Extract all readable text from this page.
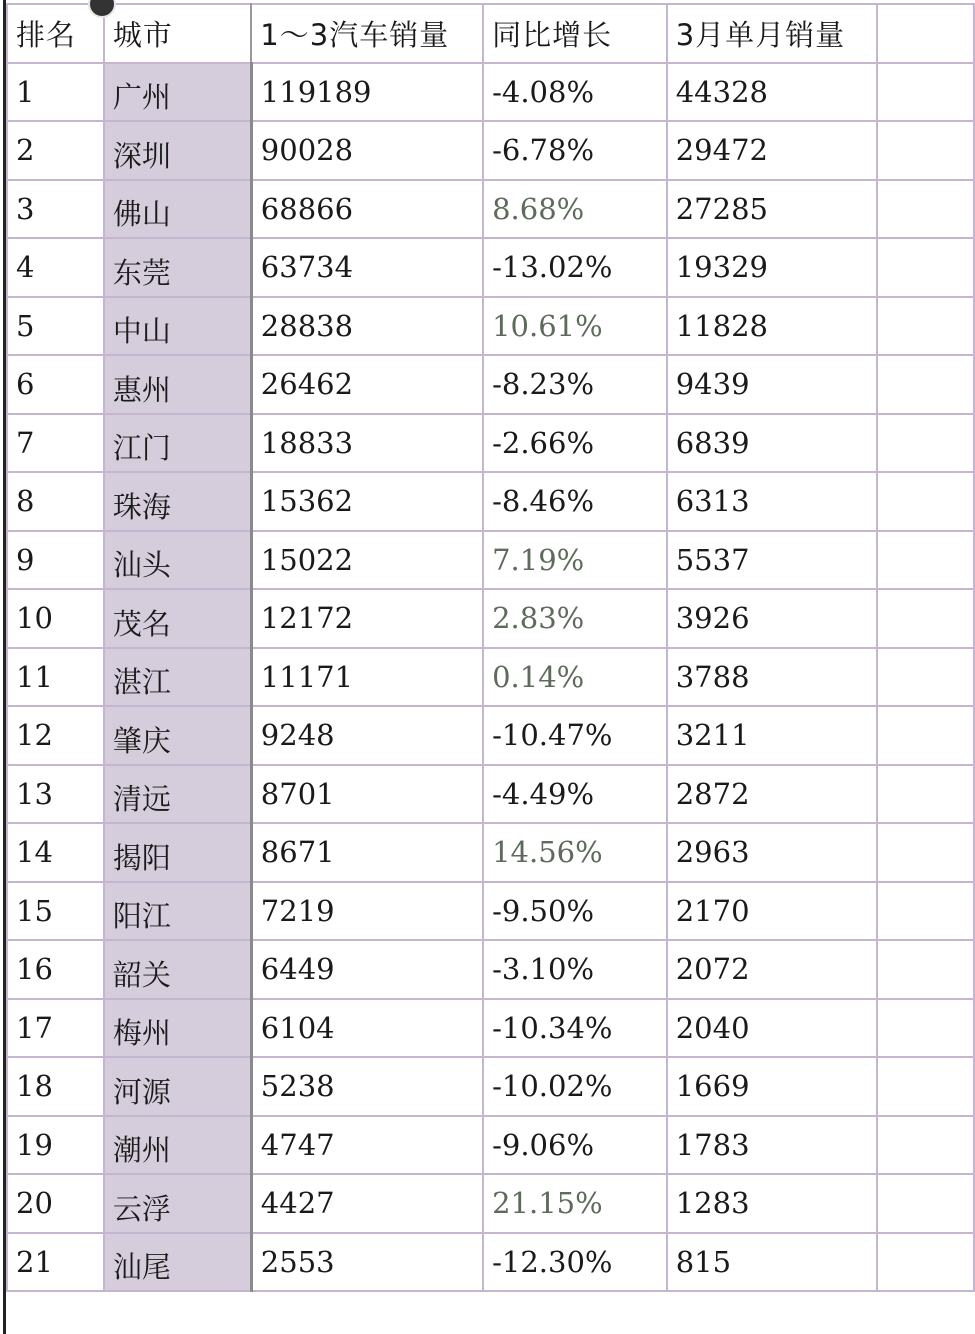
排名	城市	1～3汽车销量	同比增长	3月单月销量	
1	广州	119189	-4.08%	44328	
2	深圳	90028	-6.78%	29472	
3	佛山	68866	8.68%	27285	
4	东莞	63734	-13.02%	19329	
5	中山	28838	10.61%	11828	
6	惠州	26462	-8.23%	9439	
7	江门	18833	-2.66%	6839	
8	珠海	15362	-8.46%	6313	
9	汕头	15022	7.19%	5537	
10	茂名	12172	2.83%	3926	
11	湛江	11171	0.14%	3788	
12	肇庆	9248	-10.47%	3211	
13	清远	8701	-4.49%	2872	
14	揭阳	8671	14.56%	2963	
15	阳江	7219	-9.50%	2170	
16	韶关	6449	-3.10%	2072	
17	梅州	6104	-10.34%	2040	
18	河源	5238	-10.02%	1669	
19	潮州	4747	-9.06%	1783	
20	云浮	4427	21.15%	1283	
21	汕尾	2553	-12.30%	815	
